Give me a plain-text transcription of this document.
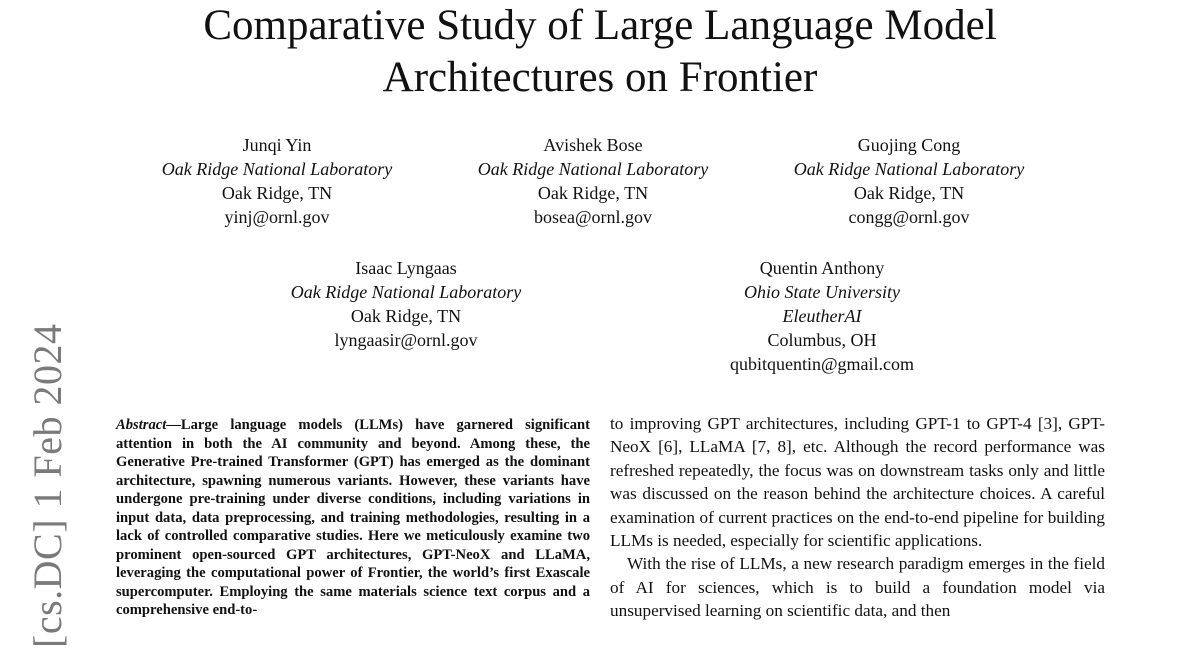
Comparative Study of Large Language Model
Architectures on Frontier
Junqi Yin
Oak Ridge National Laboratory
Oak Ridge, TN
yinj@ornl.gov
Avishek Bose
Oak Ridge National Laboratory
Oak Ridge, TN
bosea@ornl.gov
Guojing Cong
Oak Ridge National Laboratory
Oak Ridge, TN
congg@ornl.gov
Isaac Lyngaas
Oak Ridge National Laboratory
Oak Ridge, TN
lyngaasir@ornl.gov
Quentin Anthony
Ohio State University
EleutherAI
Columbus, OH
qubitquentin@gmail.com
[cs.DC] 1 Feb 2024	Abstract—Large language models (LLMs) have garnered significant attention in both the AI community and beyond. Among these, the Generative Pre-trained Transformer (GPT) has emerged as the dominant architecture, spawning numerous variants. However, these variants have undergone pre-training under diverse conditions, including variations in input data, data preprocessing, and training methodologies, resulting in a lack of controlled comparative studies. Here we meticulously examine two prominent open-sourced GPT architectures, GPT-NeoX and LLaMA, leveraging the computational power of Frontier, the world’s first Exascale supercomputer. Employing the same materials science text corpus and a comprehensive end-to-

to improving GPT architectures, including GPT-1 to GPT-4 [3], GPT-NeoX [6], LLaMA [7, 8], etc. Although the record performance was refreshed repeatedly, the focus was on downstream tasks only and little was discussed on the reason behind the architecture choices. A careful examination of current practices on the end-to-end pipeline for building LLMs is needed, especially for scientific applications.

With the rise of LLMs, a new research paradigm emerges in the field of AI for sciences, which is to build a foundation model via unsupervised learning on scientific data, and then
